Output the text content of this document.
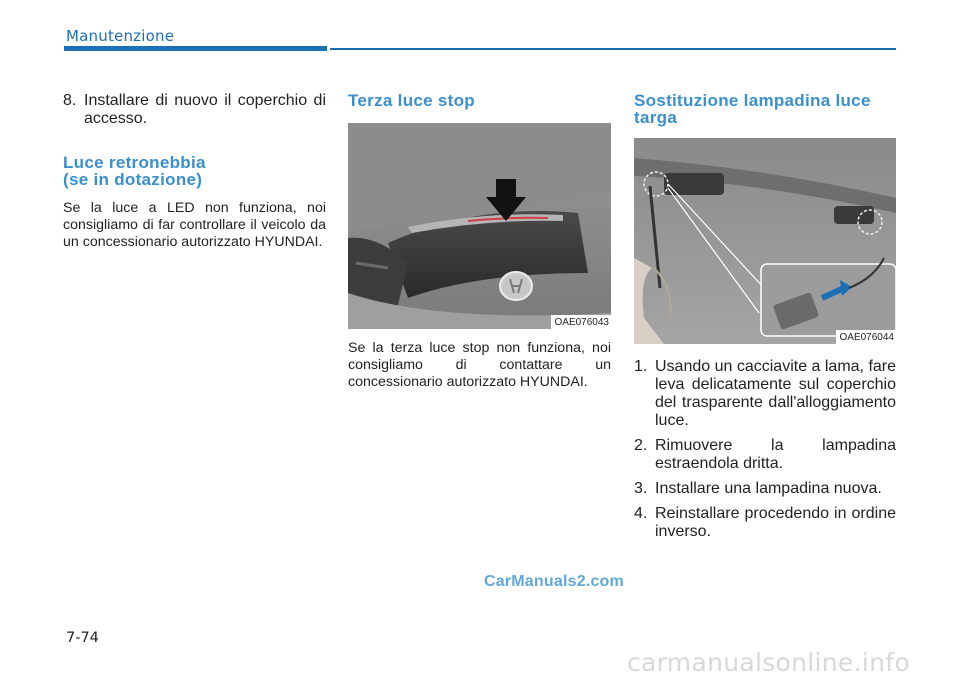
Manutenzione
8. Installare di nuovo il coperchio di accesso.
Luce retronebbia
(se in dotazione)

Se la luce a LED non funziona, noi consigliamo di far controllare il veicolo da un concessionario autorizzato HYUNDAI.

Terza luce stop
OAE076043

Se la terza luce stop non funziona, noi consigliamo di contattare un concessionario autorizzato HYUNDAI.

Sostituzione lampadina luce
targa
OAE076044
1. Usando un cacciavite a lama, fare leva delicatamente sul coperchio del trasparente dall'alloggiamento luce.
2. Rimuovere la lampadina estraendola dritta.
3. Installare una lampadina nuova.
4. Reinstallare procedendo in ordine inverso.
CarManuals2.com
7-74
carmanualsonline.info
